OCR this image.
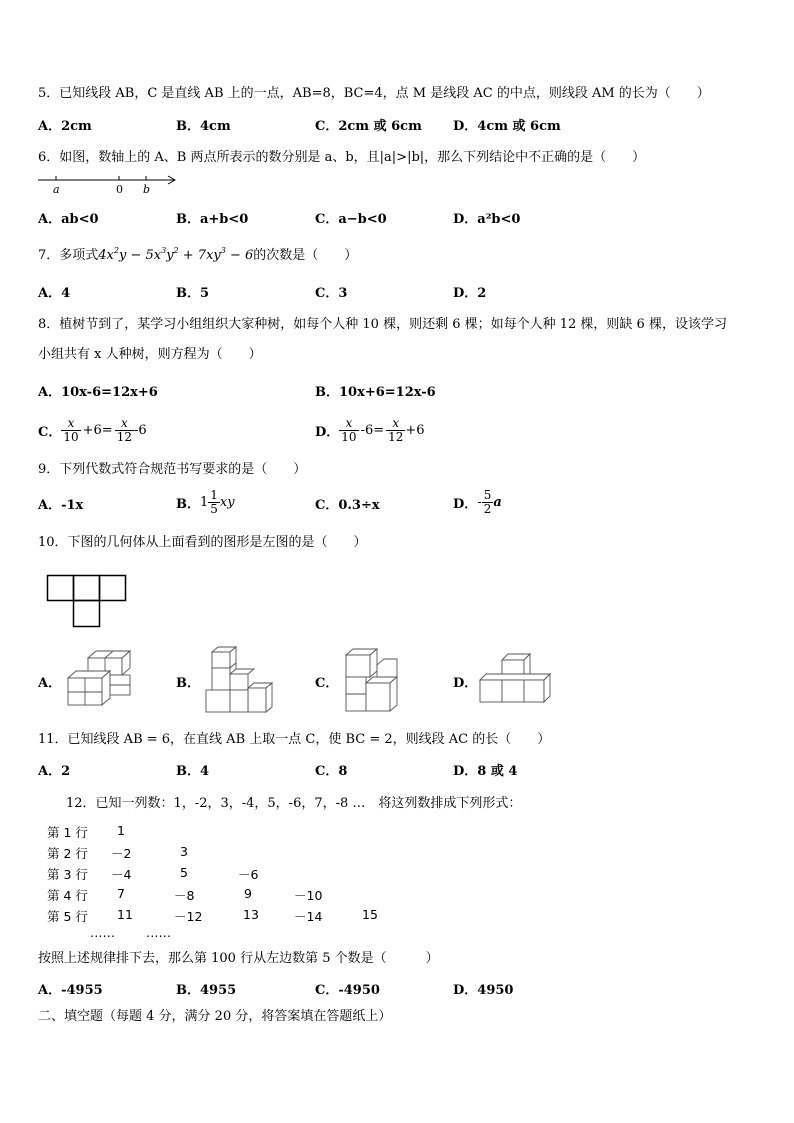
5．已知线段 AB，C 是直线 AB 上的一点，AB=8，BC=4，点 M 是线段 AC 的中点，则线段 AM 的长为（　　）
A．2cm	B．4cm	C．2cm 或 6cm D．4cm 或 6cm
6．如图，数轴上的 A、B 两点所表示的数分别是 a、b，且|a|>|b|，那么下列结论中不正确的是（　　）
a	0 b
A．ab<0	B．a+b<0	C．a−b<0	D．a²b<0
7．多项式$4x^2y - 5x^3y^2 + 7xy^3 - 6$的次数是（　　）
A．4	B．5	C．3	D．2
8．植树节到了，某学习小组组织大家种树，如每个人种 10 棵，则还剩 6 棵；如每个人种 12 棵，则缺 6 棵，设该学习
小组共有 x 人种树，则方程为（　　）
A．10x-6=12x+6	B．10x+6=12x-6
C． $\frac{x}{10} +6= \frac{x}{12} -6$	D． $\frac{x}{10} -6= \frac{x}{12} +6$
9．下列代数式符合规范书写要求的是（　　）
A．-1x	B． $1 \frac{1}{5}$ xy	C．0.3÷x	D． - $\frac{5}{2}$ a
10．下图的几何体从上面看到的图形是左图的是（　　）
A．	B．	C．	D．
11．已知线段 AB = 6，在直线 AB 上取一点 C，使 BC = 2，则线段 AC 的长（　　）
A．2	B．4	C．8	D．8 或 4
12．已知一列数：1，-2，3，-4，5，-6，7，-8 …　将这列数排成下列形式：
第 1 行 1
第 2 行 －2	3
第 3 行 －4	5	－6
第 4 行 7	－8	9	－10
第 5 行 11	－12	13	－14	15
…… ……
按照上述规律排下去，那么第 100 行从左边数第 5 个数是（　　　）
A．-4955	B．4955	C．-4950	D．4950
二、填空题（每题 4 分，满分 20 分，将答案填在答题纸上）
